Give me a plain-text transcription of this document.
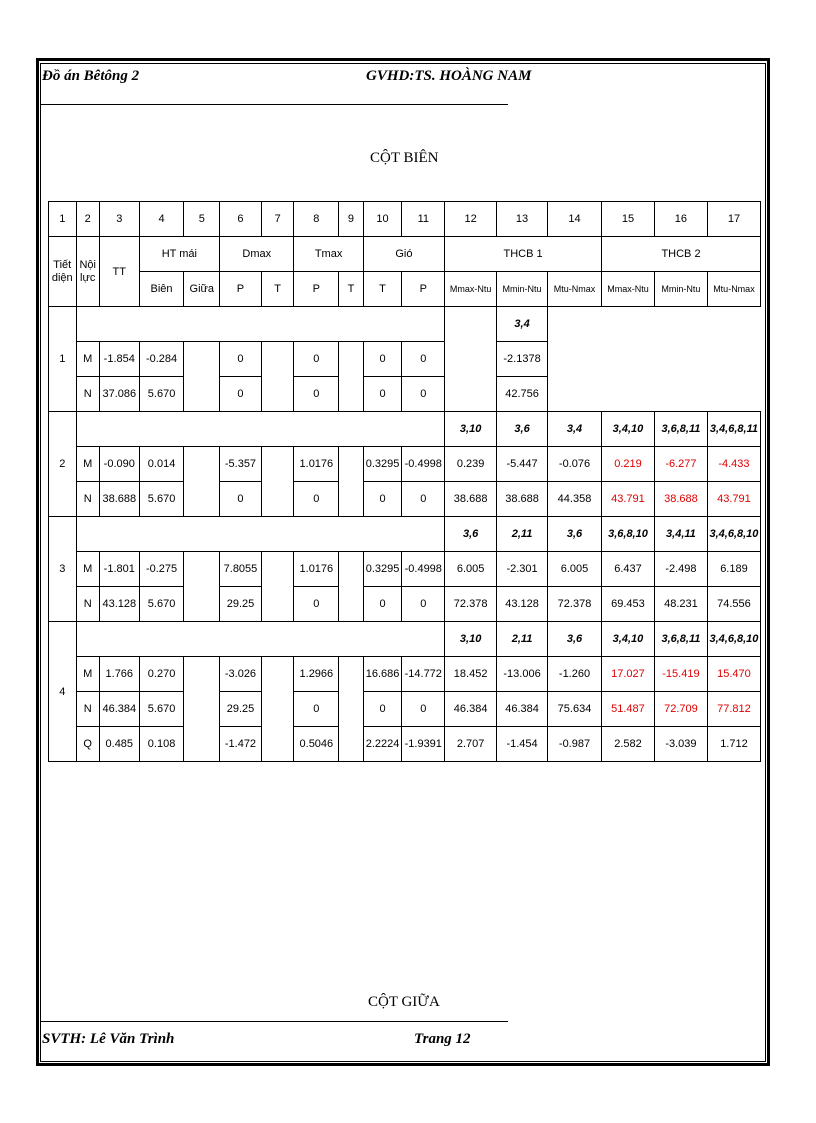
Đồ án Bêtông 2	GVHD:TS. HOÀNG NAM
CỘT BIÊN
1	2	3	4	5	6	7	8	9	10	11	12	13	14	15	16	17
Tiết diện	Nội lực	TT	HT mái		Dmax		Tmax		Gió		THCB 1			THCB 2		
			Biên	Giữa	P	T	P	T	T	P	Mmax-Ntu	Mmin-Ntu	Mtu-Nmax	Mmax-Ntu	Mmin-Ntu	Mtu-Nmax
1												3,4				
	M	-1.854	-0.284		0		0		0	0		-2.1378				
	N	37.086	5.670		0		0		0	0		42.756				
2											3,10	3,6	3,4	3,4,10	3,6,8,11	3,4,6,8,11
	M	-0.090	0.014		-5.357		1.0176		0.3295	-0.4998	0.239	-5.447	-0.076	0.219	-6.277	-4.433
	N	38.688	5.670		0		0		0	0	38.688	38.688	44.358	43.791	38.688	43.791
3											3,6	2,11	3,6	3,6,8,10	3,4,11	3,4,6,8,10
	M	-1.801	-0.275		7.8055		1.0176		0.3295	-0.4998	6.005	-2.301	6.005	6.437	-2.498	6.189
	N	43.128	5.670		29.25		0		0	0	72.378	43.128	72.378	69.453	48.231	74.556
4											3,10	2,11	3,6	3,4,10	3,6,8,11	3,4,6,8,10
	M	1.766	0.270		-3.026		1.2966		16.686	-14.772	18.452	-13.006	-1.260	17.027	-15.419	15.470
	N	46.384	5.670		29.25		0		0	0	46.384	46.384	75.634	51.487	72.709	77.812
	Q	0.485	0.108		-1.472		0.5046		2.2224	-1.9391	2.707	-1.454	-0.987	2.582	-3.039	1.712
CỘT GIỮA
SVTH: Lê Văn Trình	Trang 12
